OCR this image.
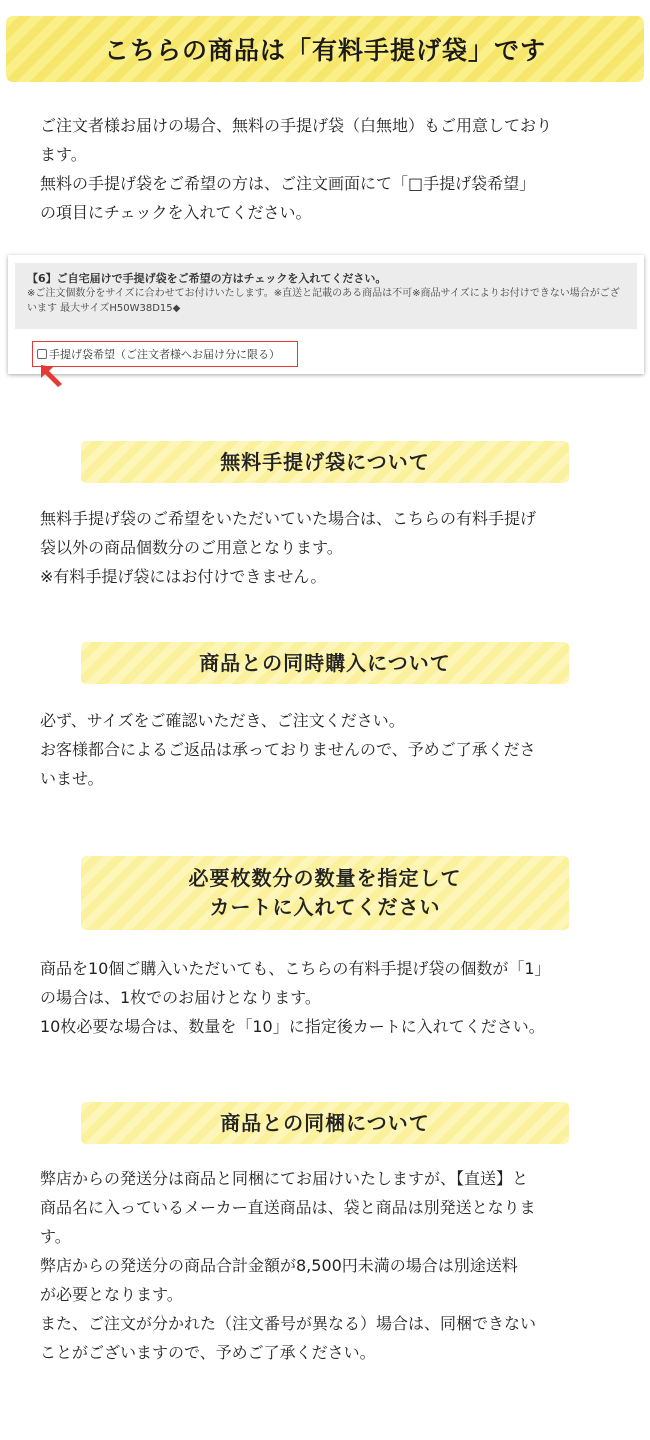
こちらの商品は「有料手提げ袋」です
ご注文者様お届けの場合、無料の手提げ袋（白無地）もご用意しており
ます。
無料の手提げ袋をご希望の方は、ご注文画面にて「□手提げ袋希望」
の項目にチェックを入れてください。
【6】ご自宅届けで手提げ袋をご希望の方はチェックを入れてください。
※ご注文個数分をサイズに合わせてお付けいたします。※直送と記載のある商品は不可※商品サイズによりお付けできない場合がございます 最大サイズH50W38D15◆
手提げ袋希望（ご注文者様へお届け分に限る）
無料手提げ袋について
無料手提げ袋のご希望をいただいていた場合は、こちらの有料手提げ
袋以外の商品個数分のご用意となります。
※有料手提げ袋にはお付けできません。
商品との同時購入について
必ず、サイズをご確認いただき、ご注文ください。
お客様都合によるご返品は承っておりませんので、予めご了承くださ
いませ。
必要枚数分の数量を指定して
カートに入れてください
商品を10個ご購入いただいても、こちらの有料手提げ袋の個数が「1」
の場合は、1枚でのお届けとなります。
10枚必要な場合は、数量を「10」に指定後カートに入れてください。
商品との同梱について
弊店からの発送分は商品と同梱にてお届けいたしますが、【直送】と
商品名に入っているメーカー直送商品は、袋と商品は別発送となりま
す。
弊店からの発送分の商品合計金額が8,500円未満の場合は別途送料
が必要となります。
また、ご注文が分かれた（注文番号が異なる）場合は、同梱できない
ことがございますので、予めご了承ください。
